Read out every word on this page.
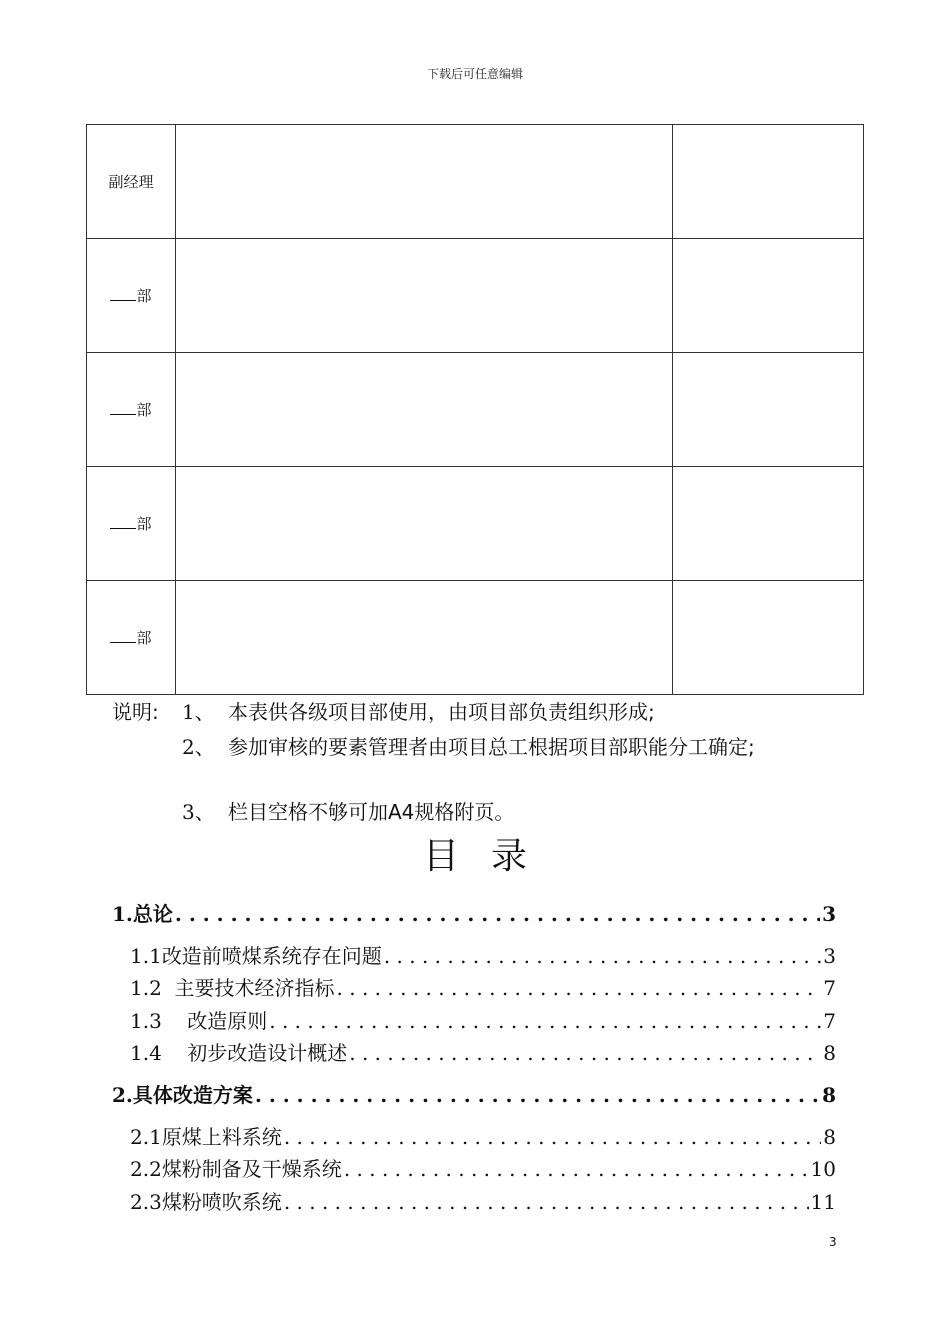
下载后可任意编辑
副经理		
部		
部		
部		
部		
说明: 1、 本表供各级项目部使用，由项目部负责组织形成;
2、 参加审核的要素管理者由项目总工根据项目部职能分工确定;
3、 栏目空格不够可加A4规格附页。
目录
1.总论 . . .	3
1.1改造前喷煤系统存在问题 . . .	3
1.2 主要技术经济指标 . . .	7
1.3 改造原则 . . .	7
1.4 初步改造设计概述 . . .	8
2.具体改造方案 . . .	8
2.1原煤上料系统 . . .	8
2.2煤粉制备及干燥系统 . . .	10
2.3煤粉喷吹系统 . . .	11
3
